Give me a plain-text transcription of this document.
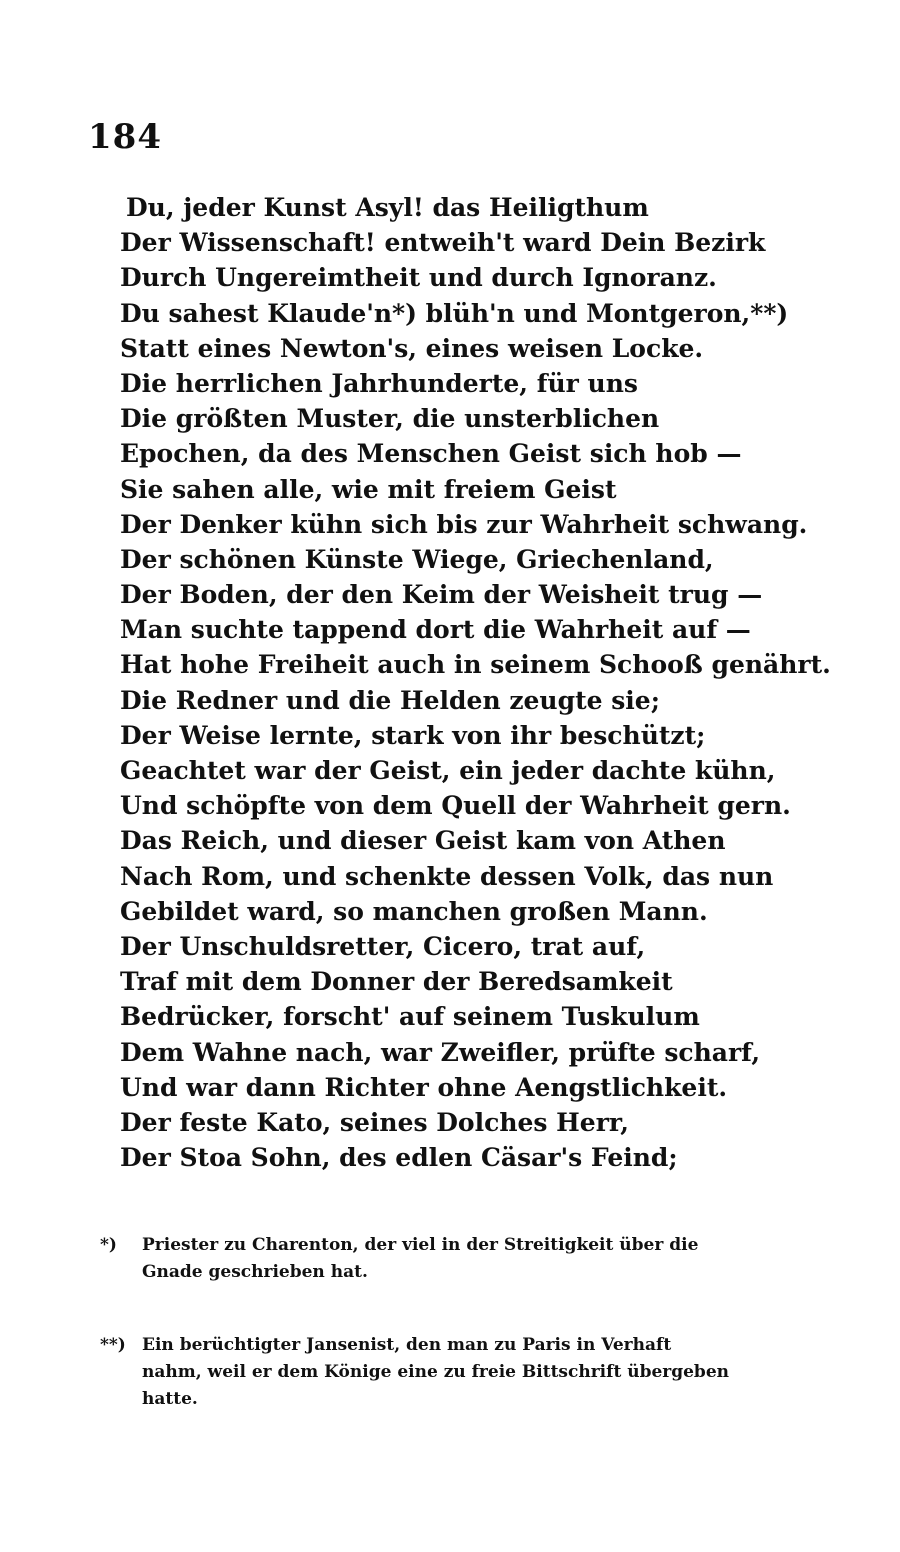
184
Du, jeder Kunst Asyl! das Heiligthum
Der Wissenschaft! entweih't ward Dein Bezirk
Durch Ungereimtheit und durch Ignoranz.
Du sahest Klaude'n*) blüh'n und Montgeron,**)
Statt eines Newton's, eines weisen Locke.
Die herrlichen Jahrhunderte, für uns
Die größten Muster, die unsterblichen
Epochen, da des Menschen Geist sich hob —
Sie sahen alle, wie mit freiem Geist
Der Denker kühn sich bis zur Wahrheit schwang.
Der schönen Künste Wiege, Griechenland,
Der Boden, der den Keim der Weisheit trug —
Man suchte tappend dort die Wahrheit auf —
Hat hohe Freiheit auch in seinem Schooß genährt.
Die Redner und die Helden zeugte sie;
Der Weise lernte, stark von ihr beschützt;
Geachtet war der Geist, ein jeder dachte kühn,
Und schöpfte von dem Quell der Wahrheit gern.
Das Reich, und dieser Geist kam von Athen
Nach Rom, und schenkte dessen Volk, das nun
Gebildet ward, so manchen großen Mann.
Der Unschuldsretter, Cicero, trat auf,
Traf mit dem Donner der Beredsamkeit
Bedrücker, forscht' auf seinem Tuskulum
Dem Wahne nach, war Zweifler, prüfte scharf,
Und war dann Richter ohne Aengstlichkeit.
Der feste Kato, seines Dolches Herr,
Der Stoa Sohn, des edlen Cäsar's Feind;

*) Priester zu Charenton, der viel in der Streitigkeit über die
Gnade geschrieben hat.

**) Ein berüchtigter Jansenist, den man zu Paris in Verhaft
nahm, weil er dem Könige eine zu freie Bittschrift übergeben
hatte.
